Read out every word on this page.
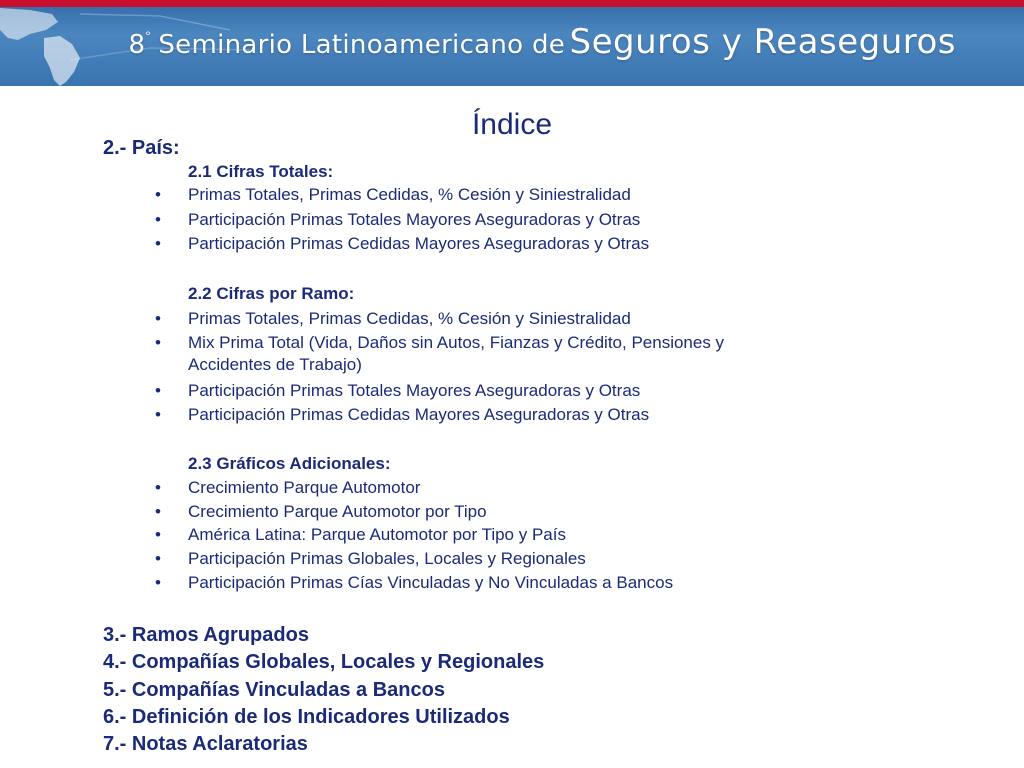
8° Seminario Latinoamericano de Seguros y Reaseguros
Índice
2.- País:
2.1 Cifras Totales:
• Primas Totales, Primas Cedidas, % Cesión y Siniestralidad
• Participación Primas Totales Mayores Aseguradoras y Otras
• Participación Primas Cedidas Mayores Aseguradoras y Otras
2.2 Cifras por Ramo:
• Primas Totales, Primas Cedidas, % Cesión y Siniestralidad
• Mix Prima Total (Vida, Daños sin Autos, Fianzas y Crédito, Pensiones y
Accidentes de Trabajo)
• Participación Primas Totales Mayores Aseguradoras y Otras
• Participación Primas Cedidas Mayores Aseguradoras y Otras
2.3 Gráficos Adicionales:
• Crecimiento Parque Automotor
• Crecimiento Parque Automotor por Tipo
• América Latina: Parque Automotor por Tipo y País
• Participación Primas Globales, Locales y Regionales
• Participación Primas Cías Vinculadas y No Vinculadas a Bancos
3.- Ramos Agrupados
4.- Compañías Globales, Locales y Regionales
5.- Compañías Vinculadas a Bancos
6.- Definición de los Indicadores Utilizados
7.- Notas Aclaratorias
